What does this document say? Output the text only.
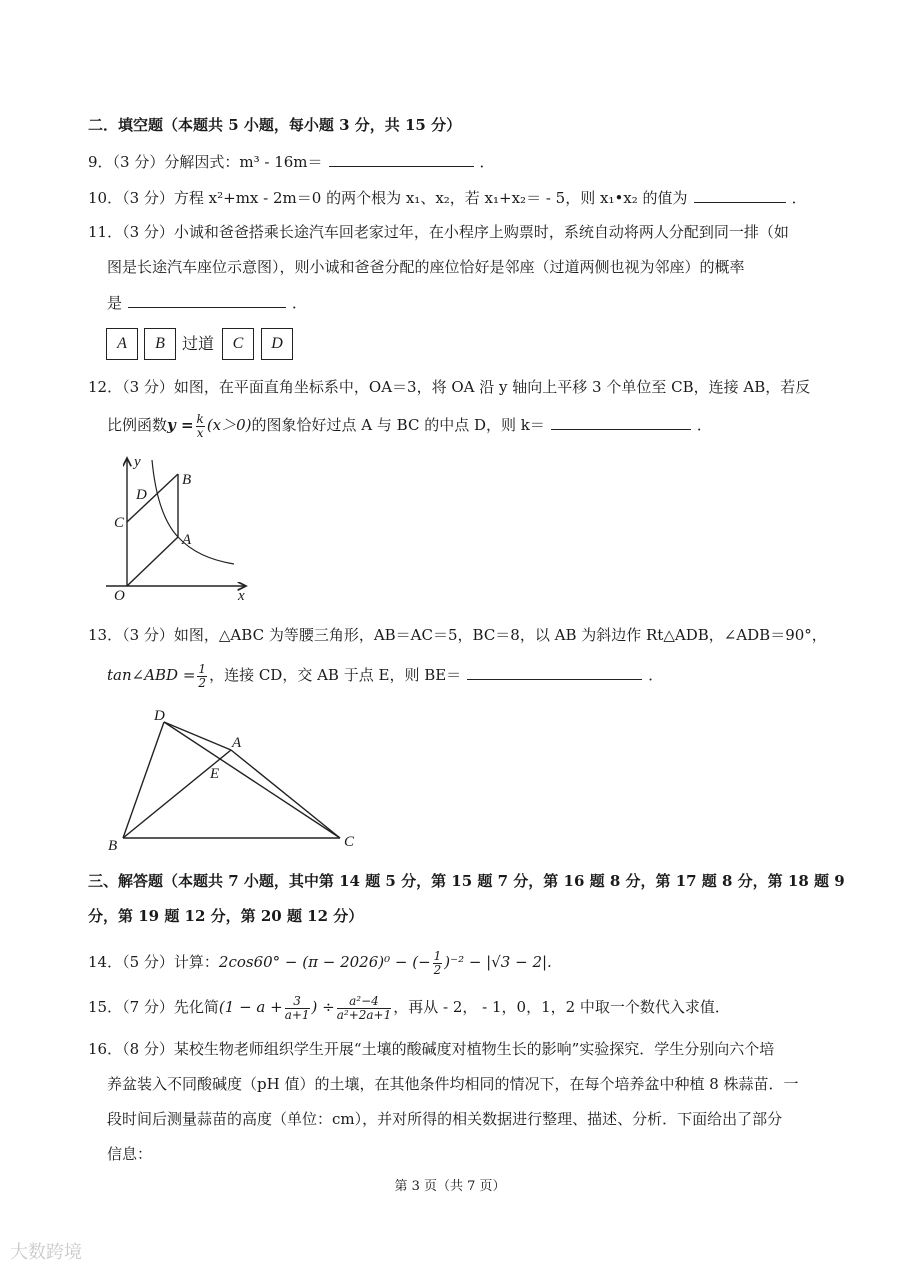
二．填空题（本题共 5 小题，每小题 3 分，共 15 分）
9．（3 分）分解因式：m³ - 16m＝	．
10．（3 分）方程 x²+mx - 2m＝0 的两个根为 x₁、x₂，若 x₁+x₂＝ - 5，则 x₁•x₂ 的值为	．
11．（3 分）小诚和爸爸搭乘长途汽车回老家过年，在小程序上购票时，系统自动将两人分配到同一排（如
图是长途汽车座位示意图），则小诚和爸爸分配的座位恰好是邻座（过道两侧也视为邻座）的概率
是	．
A	B	过道	C	D
12．（3 分）如图，在平面直角坐标系中，OA＝3，将 OA 沿 y 轴向上平移 3 个单位至 CB，连接 AB，若反
比例函数$y = \frac{k}{x} (x>0)$的图象恰好过点 A 与 BC 的中点 D，则 k＝	．
y
x
O
A
B
C
D
13．（3 分）如图，△ABC 为等腰三角形，AB＝AC＝5，BC＝8，以 AB 为斜边作 Rt△ADB，∠ADB＝90°，
tan∠ABD = $\frac{1}{2}$ ，连接 CD，交 AB 于点 E，则 BE＝	．
D
A
E
B	C
三、解答题（本题共 7 小题，其中第 14 题 5 分，第 15 题 7 分，第 16 题 8 分，第 17 题 8 分，第 18 题 9
分，第 19 题 12 分，第 20 题 12 分）
14．（5 分）计算：2cos60° − (π − 2026)⁰ − (− $\frac{1}{2} )^{-2} - |√3 - 2|$.
15．（7 分）先化简($1 - a + \frac{3}{a+1}$ ) ÷ $\frac{\text{a²−4}}{\text{a²+2a+1}}$ ，再从 - 2， - 1，0，1，2 中取一个数代入求值．
16．（8 分）某校生物老师组织学生开展“土壤的酸碱度对植物生长的影响”实验探究．学生分别向六个培
养盆装入不同酸碱度（pH 值）的土壤，在其他条件均相同的情况下，在每个培养盆中种植 8 株蒜苗．一
段时间后测量蒜苗的高度（单位：cm），并对所得的相关数据进行整理、描述、分析．下面给出了部分
信息：
第 3 页（共 7 页）
大数跨境
